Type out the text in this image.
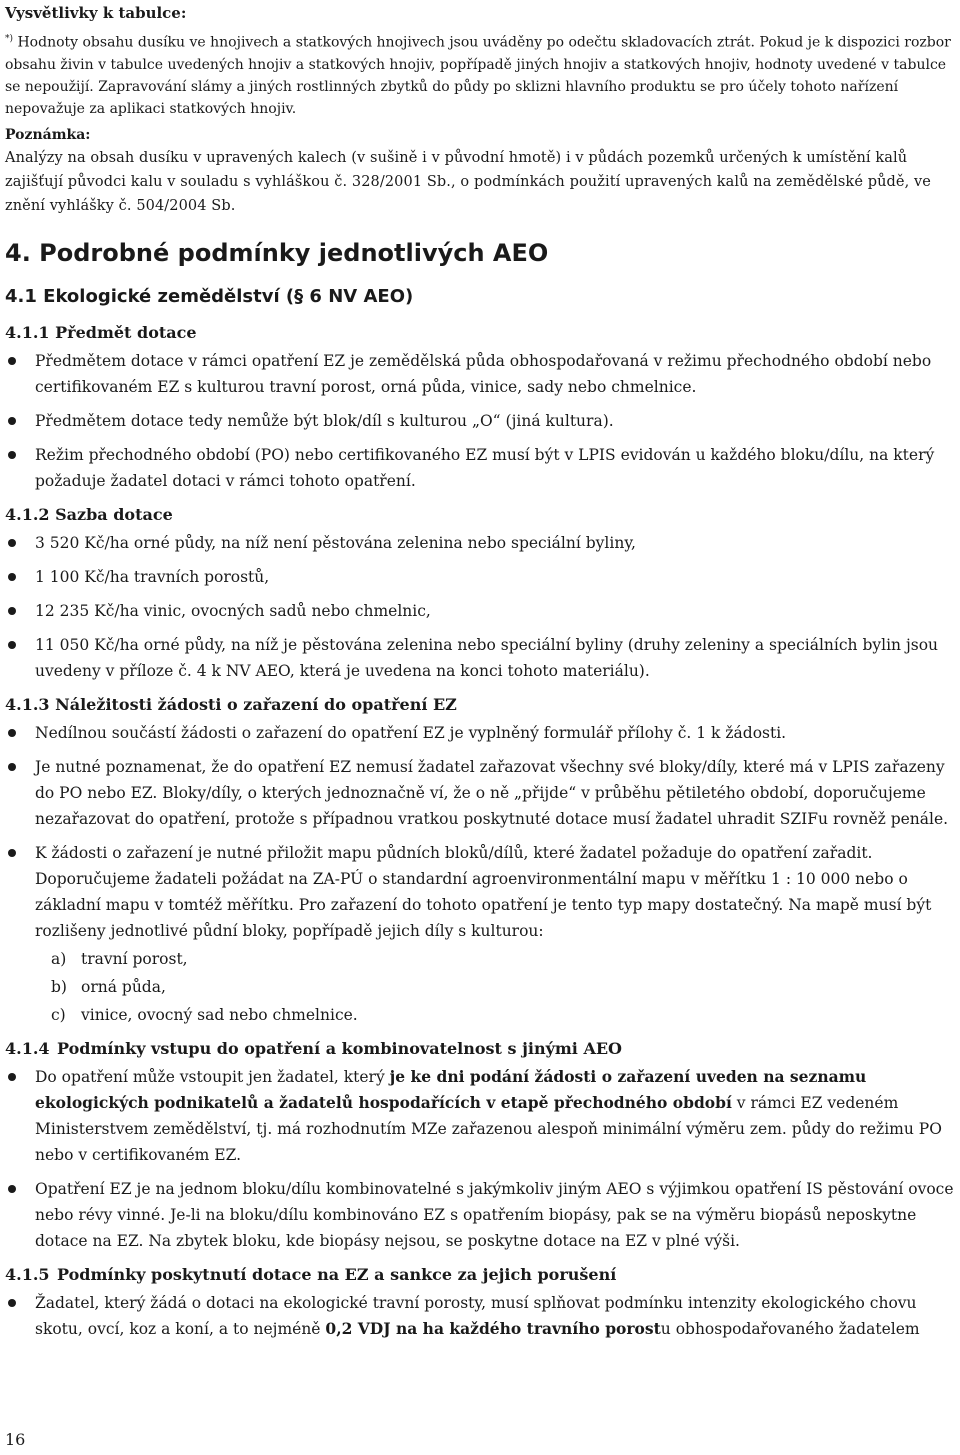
Vysvětlivky k tabulce:

*) Hodnoty obsahu dusíku ve hnojivech a statkových hnojivech jsou uváděny po odečtu skladovacích ztrát. Pokud je k dispozici rozbor obsahu živin v tabulce uvedených hnojiv a statkových hnojiv, popřípadě jiných hnojiv a statkových hnojiv, hodnoty uvedené v tabulce se nepoužijí. Zapravování slámy a jiných rostlinných zbytků do půdy po sklizni hlavního produktu se pro účely tohoto nařízení nepovažuje za aplikaci statkových hnojiv.

Poznámka:

Analýzy na obsah dusíku v upravených kalech (v sušině i v původní hmotě) i v půdách pozemků určených k umístění kalů zajišťují původci kalu v souladu s vyhláškou č. 328/2001 Sb., o podmínkách použití upravených kalů na zemědělské půdě, ve znění vyhlášky č. 504/2004 Sb.

4. Podrobné podmínky jednotlivých AEO
4.1 Ekologické zemědělství (§ 6 NV AEO)
4.1.1 Předmět dotace
Předmětem dotace v rámci opatření EZ je zemědělská půda obhospodařovaná v režimu přechodného období nebo certifikovaném EZ s kulturou travní porost, orná půda, vinice, sady nebo chmelnice.
Předmětem dotace tedy nemůže být blok/díl s kulturou „O“ (jiná kultura).
Režim přechodného období (PO) nebo certifikovaného EZ musí být v LPIS evidován u každého bloku/dílu, na který požaduje žadatel dotaci v rámci tohoto opatření.
4.1.2 Sazba dotace
3 520 Kč/ha orné půdy, na níž není pěstována zelenina nebo speciální byliny,
1 100 Kč/ha travních porostů,
12 235 Kč/ha vinic, ovocných sadů nebo chmelnic,
11 050 Kč/ha orné půdy, na níž je pěstována zelenina nebo speciální byliny (druhy zeleniny a speciálních bylin jsou uvedeny v příloze č. 4 k NV AEO, která je uvedena na konci tohoto materiálu).
4.1.3 Náležitosti žádosti o zařazení do opatření EZ
Nedílnou součástí žádosti o zařazení do opatření EZ je vyplněný formulář přílohy č. 1 k žádosti.
Je nutné poznamenat, že do opatření EZ nemusí žadatel zařazovat všechny své bloky/díly, které má v LPIS zařazeny do PO nebo EZ. Bloky/díly, o kterých jednoznačně ví, že o ně „přijde“ v průběhu pětiletého období, doporučujeme nezařazovat do opatření, protože s případnou vratkou poskytnuté dotace musí žadatel uhradit SZIFu rovněž penále.
K žádosti o zařazení je nutné přiložit mapu půdních bloků/dílů, které žadatel požaduje do opatření zařadit. Doporučujeme žadateli požádat na ZA-PÚ o standardní agroenvironmentální mapu v měřítku 1 : 10 000 nebo o základní mapu v tomtéž měřítku. Pro zařazení do tohoto opatření je tento typ mapy dostatečný. Na mapě musí být rozlišeny jednotlivé půdní bloky, popřípadě jejich díly s kulturou:
a) travní porost,
b) orná půda,
c) vinice, ovocný sad nebo chmelnice.
4.1.4 Podmínky vstupu do opatření a kombinovatelnost s jinými AEO
Do opatření může vstoupit jen žadatel, který je ke dni podání žádosti o zařazení uveden na seznamu ekologických podnikatelů a žadatelů hospodařících v etapě přechodného období v rámci EZ vedeném Ministerstvem zemědělství, tj. má rozhodnutím MZe zařazenou alespoň minimální výměru zem. půdy do režimu PO nebo v certifikovaném EZ.
Opatření EZ je na jednom bloku/dílu kombinovatelné s jakýmkoliv jiným AEO s výjimkou opatření IS pěstování ovoce nebo révy vinné. Je-li na bloku/dílu kombinováno EZ s opatřením biopásy, pak se na výměru biopásů neposkytne dotace na EZ. Na zbytek bloku, kde biopásy nejsou, se poskytne dotace na EZ v plné výši.
4.1.5 Podmínky poskytnutí dotace na EZ a sankce za jejich porušení
Žadatel, který žádá o dotaci na ekologické travní porosty, musí splňovat podmínku intenzity ekologického chovu skotu, ovcí, koz a koní, a to nejméně 0,2 VDJ na ha každého travního porostu obhospodařovaného žadatelem
16
